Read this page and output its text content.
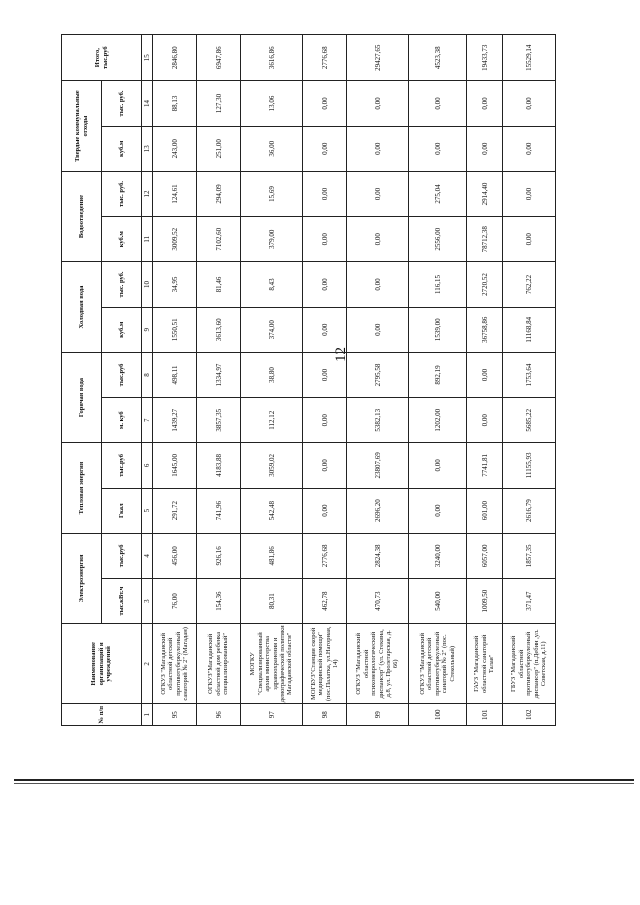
12
№ п/п	Наименование организаций и учреждений	Электроэнергия		Тепловая энергия		Горячая вода		Холодная вода		Водоотведение		Твердые коммунальные отходы		Итого, тыс.руб
		тыс.кВт.ч	тыс.руб	Гкал	тыс.руб	м. куб	тыс.руб	куб.м	тыс. руб.	куб.м	тыс. руб.	куб.м	тыс. руб.	
1	2	3	4	5	6	7	8	9	10	11	12	13	14	15
95	ОГКУЗ "Магаданский областной детский противотуберкулезный санаторий № 2" (Магадан)	76,00	456,00	291,72	1645,00	1439,27	498,11	1550,51	34,95	3009,52	124,61	243,00	88,13	2846,80
96	ОГКУЗ"Магаданский областной дом ребенка специализированный"	154,36	926,16	741,96	4183,88	3857,35	1334,97	3613,60	81,46	7102,60	294,09	251,00	127,30	6947,86
97	МОГКУ "Специализированный архив министерства здравоохранения и демографической политики Магаданской области"	80,31	481,86	542,48	3059,02	112,12	38,80	374,00	8,43	379,00	15,69	36,00	13,06	3616,86
98	МОГБУЗ"Станция скорой медицинской помощи" (пос.Палатка, ул.Нагорная, 14)	462,78	2776,68	0,00	0,00	0,00	0,00	0,00	0,00	0,00	0,00	0,00	0,00	2776,68
99	ОГКУЗ "Магаданский областной психоневрологический диспансер" (ул. Стекина, д.8, ул. Пролетарская, д. 66)	470,73	2824,38	2696,20	23807,69	5382,13	2795,58	0,00	0,00	0,00	0,00	0,00	0,00	29427,65
100	ОГКУЗ "Магаданский областной детский противотуберкулезный санаторий № 2" (пос. Стекольный)	540,00	3240,00	0,00	0,00	1202,00	892,19	1539,00	116,15	2556,00	275,04	0,00	0,00	4523,38
101	ГАУЗ "Магаданский областной санаторий Талая"	1009,50	6057,00	601,00	7741,81	0,00	0,00	36758,86	2720,52	78712,38	2914,40	0,00	0,00	19433,73
102	ГБУЗ "Магаданский областной противотуберкулезный диспансер" (п.Дебин ,ул. Советская, д.11)	371,47	1857,35	2616,79	11155,93	5685,22	1753,64	11168,84	762,22	0,00	0,00	0,00	0,00	15529,14
